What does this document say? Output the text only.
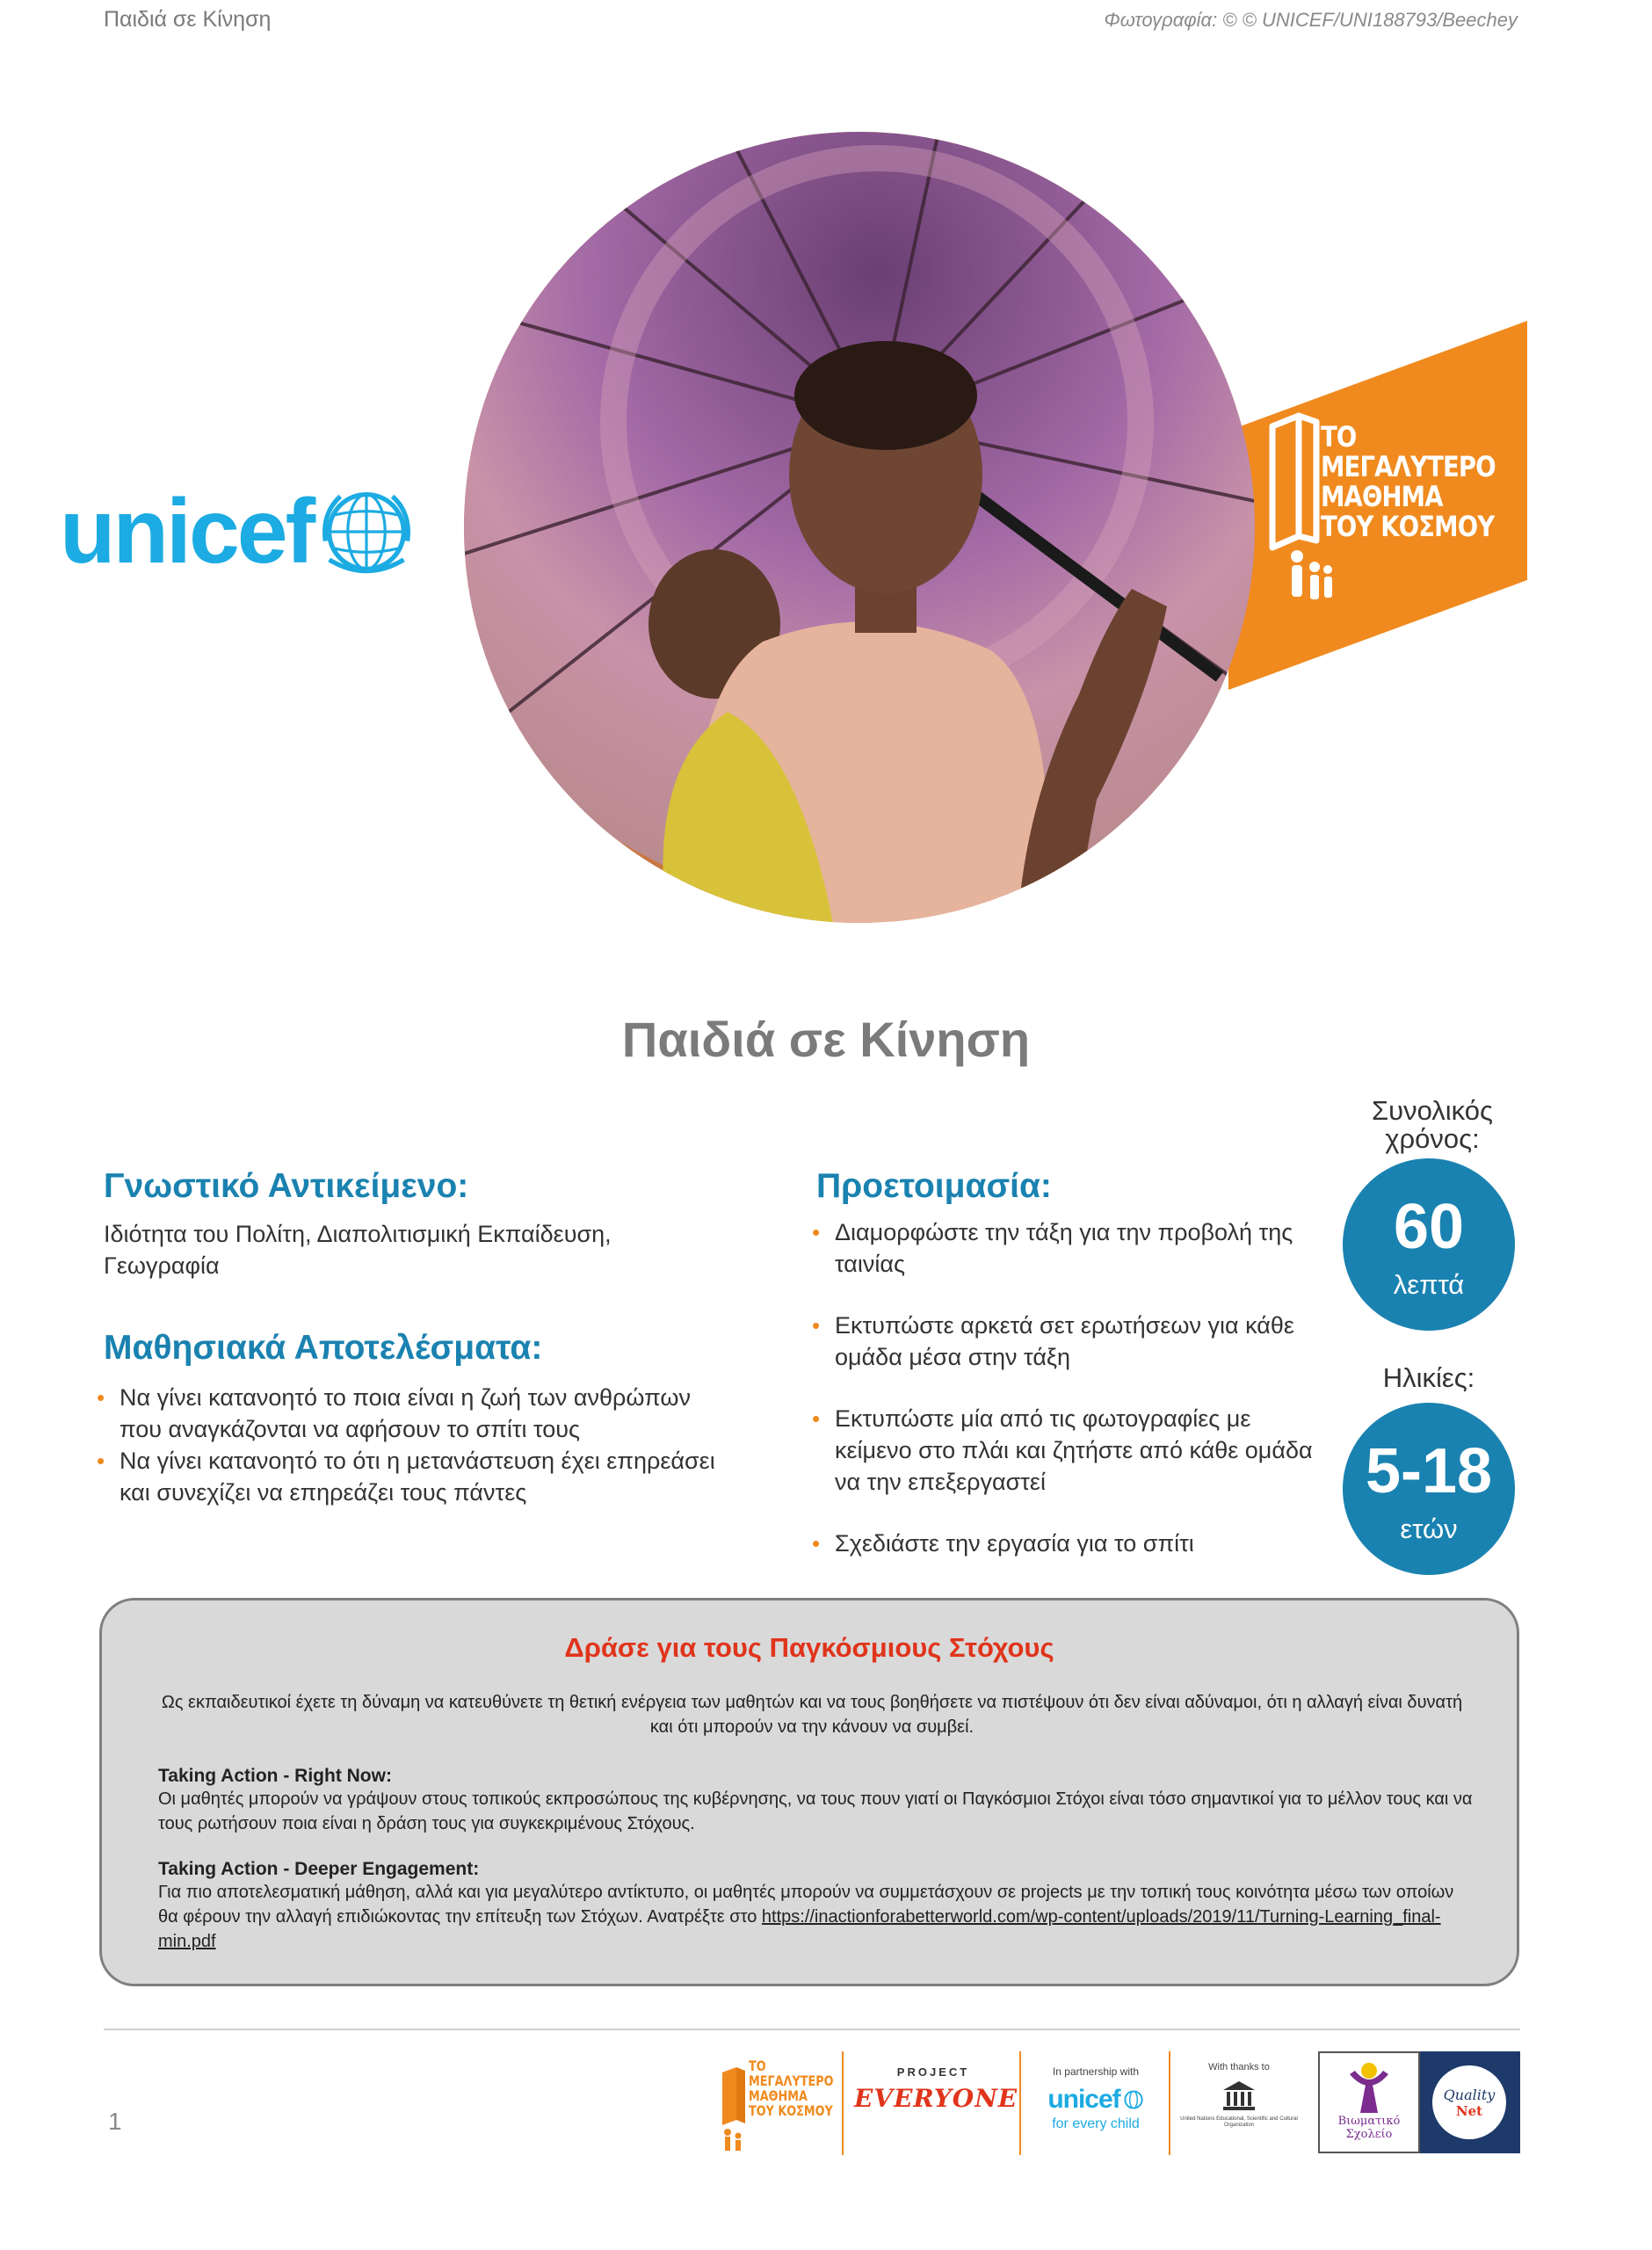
Παιδιά σε Κίνηση	Φωτογραφία: © © UNICEF/UNI188793/Beechey
unicef
ΤΟ
ΜΕΓΑΛΥΤΕΡΟ
ΜΑΘΗΜΑ
ΤΟΥ ΚΟΣΜΟΥ
Παιδιά σε Κίνηση
Γνωστικό Αντικείμενο:
Ιδιότητα του Πολίτη, Διαπολιτισμική Εκπαίδευση, Γεωγραφία
Μαθησιακά Αποτελέσματα:
• Να γίνει κατανοητό το ποια είναι η ζωή των ανθρώπων που αναγκάζονται να αφήσουν το σπίτι τους
• Να γίνει κατανοητό το ότι η μετανάστευση έχει επηρεάσει και συνεχίζει να επηρεάζει τους πάντες
Προετοιμασία:
• Διαμορφώστε την τάξη για την προβολή της ταινίας
• Εκτυπώστε αρκετά σετ ερωτήσεων για κάθε ομάδα μέσα στην τάξη
• Εκτυπώστε μία από τις φωτογραφίες με κείμενο στο πλάι και ζητήστε από κάθε ομάδα να την επεξεργαστεί
• Σχεδιάστε την εργασία για το σπίτι
Συνολικός χρόνος:
60
λεπτά
Ηλικίες:
5-18
ετών
Δράσε για τους Παγκόσμιους Στόχους
Ως εκπαιδευτικοί έχετε τη δύναμη να κατευθύνετε τη θετική ενέργεια των μαθητών και να τους βοηθήσετε να πιστέψουν ότι δεν είναι αδύναμοι, ότι η αλλαγή είναι δυνατή και ότι μπορούν να την κάνουν να συμβεί.
Taking Action - Right Now:
Οι μαθητές μπορούν να γράψουν στους τοπικούς εκπροσώπους της κυβέρνησης, να τους πουν γιατί οι Παγκόσμιοι Στόχοι είναι τόσο σημαντικοί για το μέλλον τους και να τους ρωτήσουν ποια είναι η δράση τους για συγκεκριμένους Στόχους.
Taking Action - Deeper Engagement:
Για πιο αποτελεσματική μάθηση, αλλά και για μεγαλύτερο αντίκτυπο, οι μαθητές μπορούν να συμμετάσχουν σε projects με την τοπική τους κοινότητα μέσω των οποίων θα φέρουν την αλλαγή επιδιώκοντας την επίτευξη των Στόχων. Ανατρέξτε στο https://inactionforabetterworld.com/wp-content/uploads/2019/11/Turning-Learning_final-min.pdf
1
ΤΟ
ΜΕΓΑΛΥΤΕΡΟ
ΜΑΘΗΜΑ
ΤΟΥ ΚΟΣΜΟΥ
PROJECT
EVERYONE
In partnership with
unicef
for every child
With thanks to
United Nations Educational, Scientific and Cultural Organization	Βιωματικό
Σχολείο
Quality
Net
